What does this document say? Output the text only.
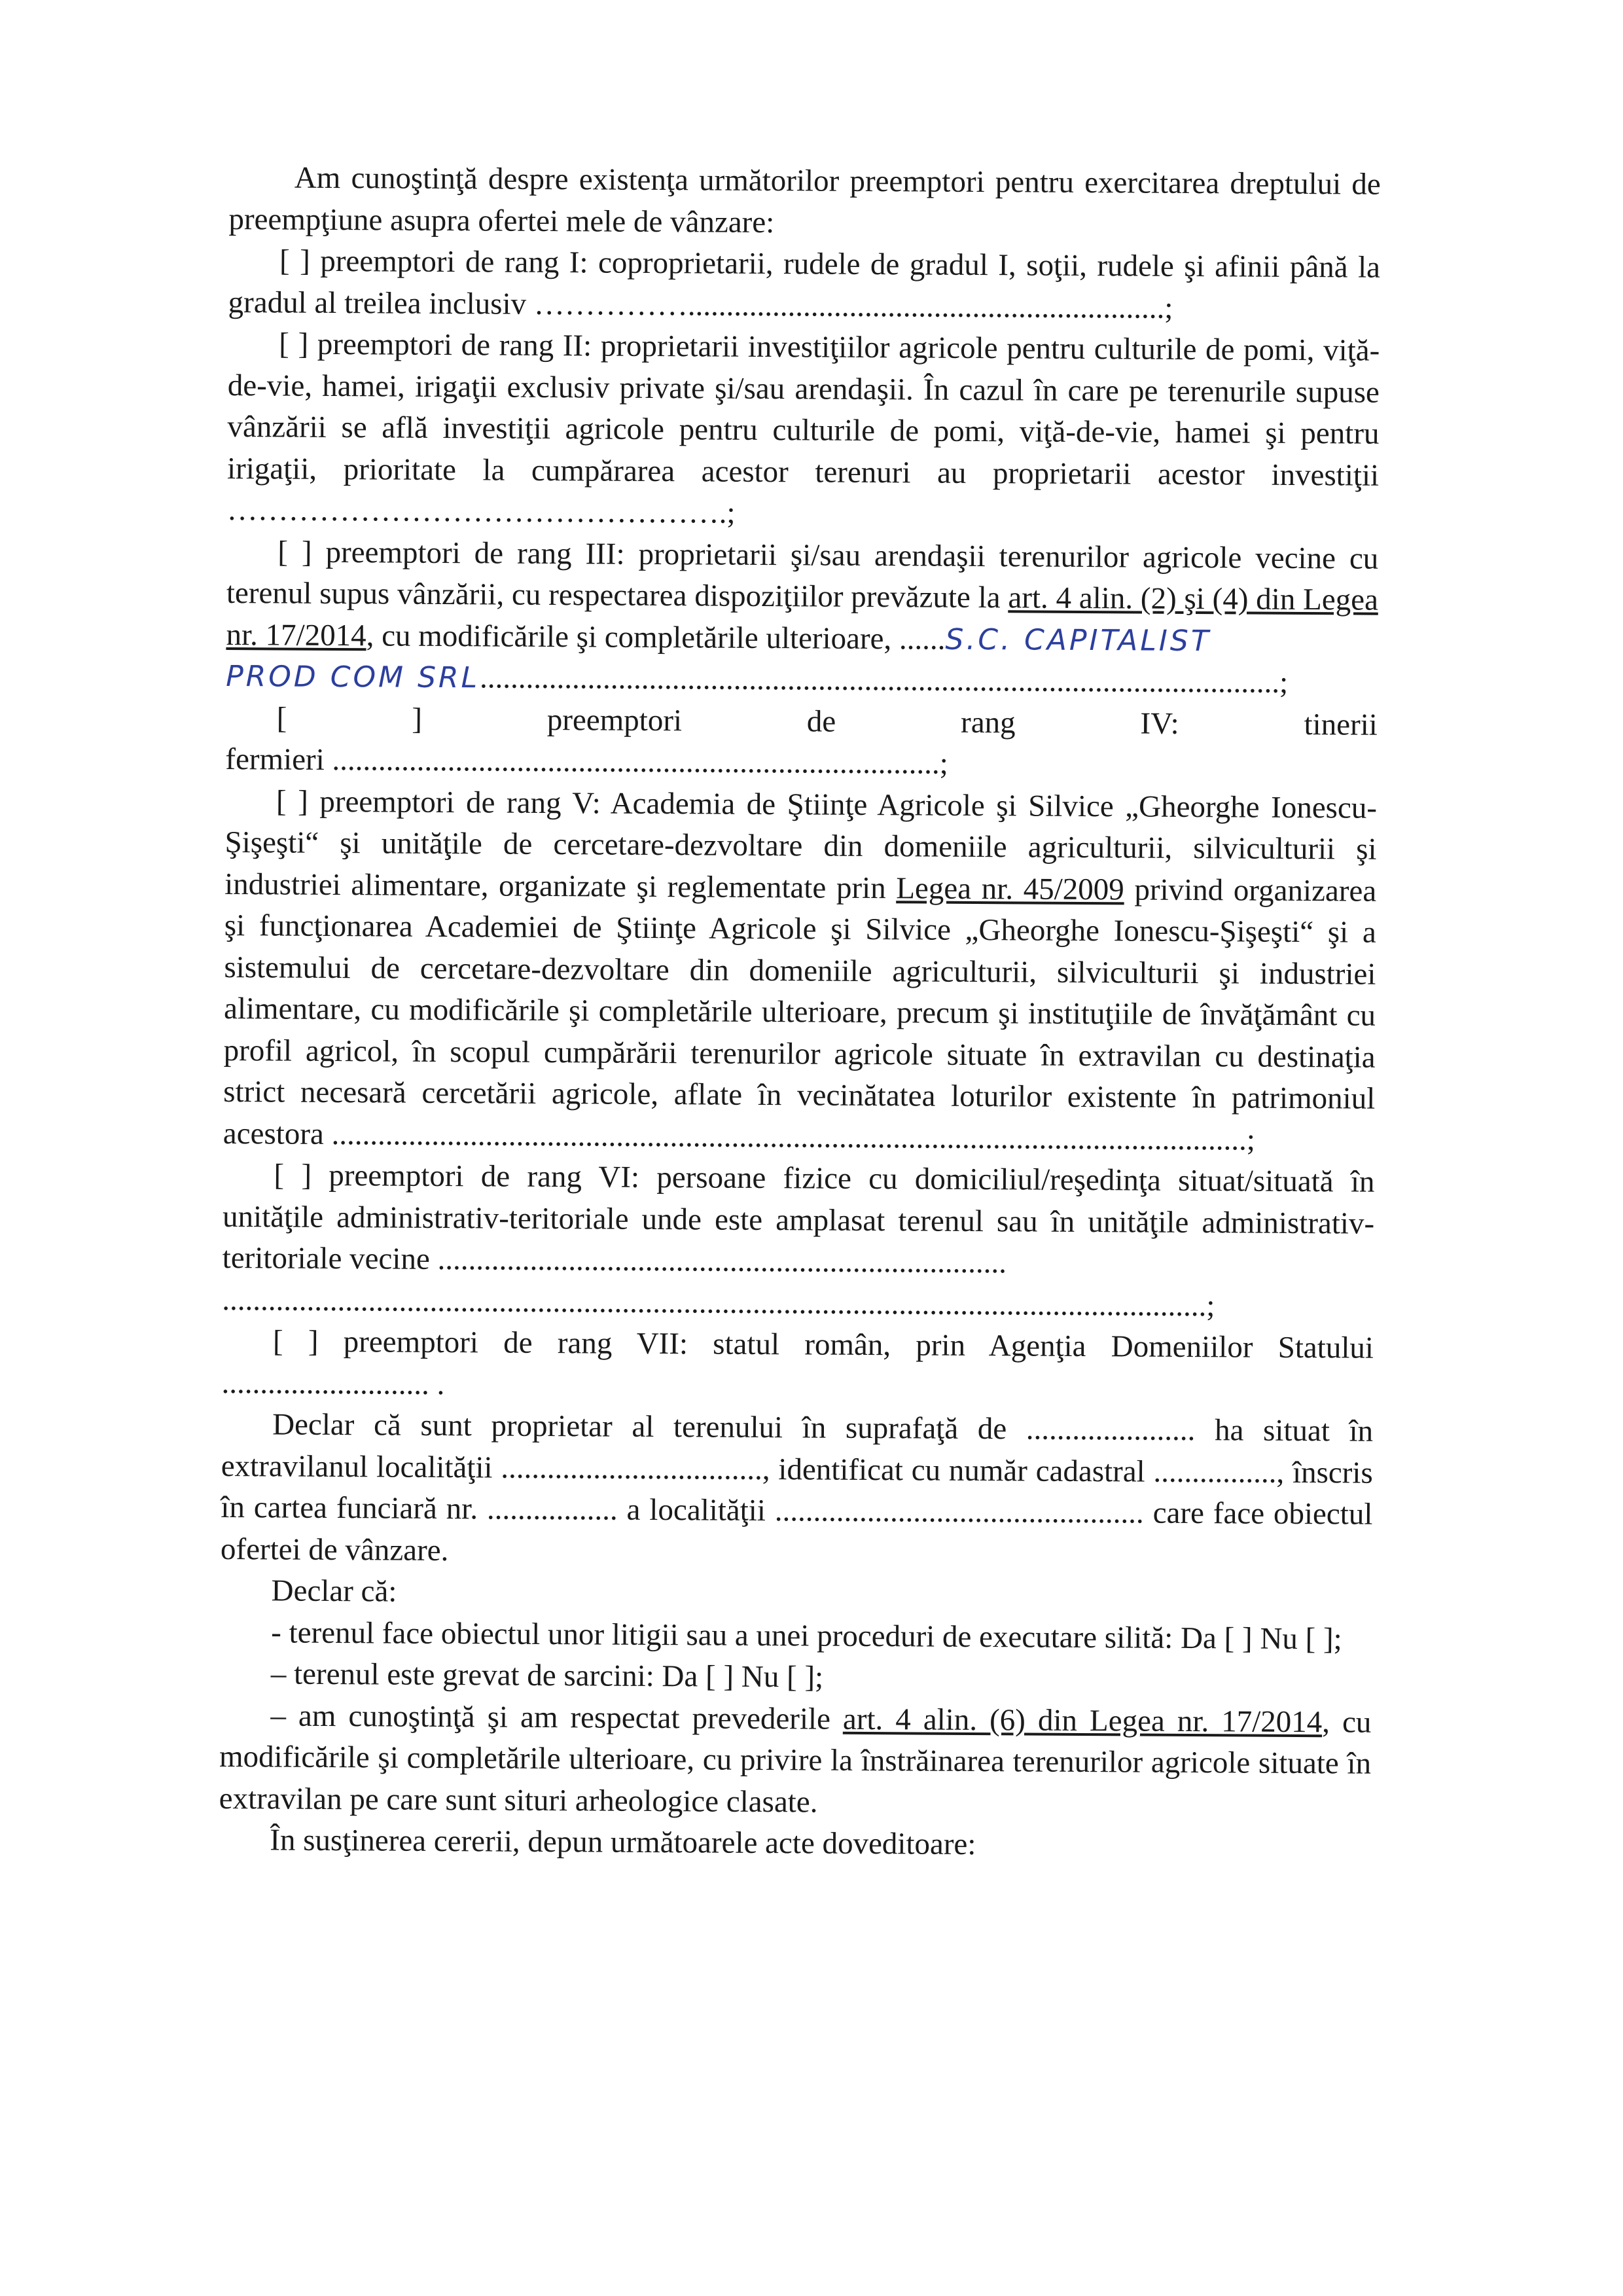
Am cunoştinţă despre existenţa următorilor preemptori pentru exercitarea dreptului de preempţiune asupra ofertei mele de vânzare:

[ ] preemptori de rang I: coproprietarii, rudele de gradul I, soţii, rudele şi afinii până la gradul al treilea inclusiv ……………..............................................................;

[ ] preemptori de rang II: proprietarii investiţiilor agricole pentru culturile de pomi, viţă-de-vie, hamei, irigaţii exclusiv private şi/sau arendaşii. În cazul în care pe terenurile supuse vânzării se află investiţii agricole pentru culturile de pomi, viţă-de-vie, hamei şi pentru irigaţii, prioritate la cumpărarea acestor terenuri au proprietarii acestor investiţii ………………………………………….;

[ ] preemptori de rang III: proprietarii şi/sau arendaşii terenurilor agricole vecine cu terenul supus vânzării, cu respectarea dispoziţiilor prevăzute la art. 4 alin. (2) şi (4) din Legea nr. 17/2014, cu modificările şi completările ulterioare, ......S.C. CAPITALIST
PROD COM SRL........................................................................................................;

[	]	preemptori	de	rang	IV:	tinerii

fermieri ...............................................................................;

[ ] preemptori de rang V: Academia de Ştiinţe Agricole şi Silvice „Gheorghe Ionescu-Şişeşti“ şi unităţile de cercetare-dezvoltare din domeniile agriculturii, silviculturii şi industriei alimentare, organizate şi reglementate prin Legea nr. 45/2009 privind organizarea şi funcţionarea Academiei de Ştiinţe Agricole şi Silvice „Gheorghe Ionescu-Şişeşti“ şi a sistemului de cercetare-dezvoltare din domeniile agriculturii, silviculturii şi industriei alimentare, cu modificările şi completările ulterioare, precum şi instituţiile de învăţământ cu profil agricol, în scopul cumpărării terenurilor agricole situate în extravilan cu destinaţia strict necesară cercetării agricole, aflate în vecinătatea loturilor existente în patrimoniul acestora .......................................................................................................................;

[ ] preemptori de rang VI: persoane fizice cu domiciliul/reşedinţa situat/situată în unităţile administrativ-teritoriale unde este amplasat terenul sau în unităţile administrativ-teritoriale vecine ..........................................................................

................................................................................................................................;

[ ] preemptori de rang VII: statul român, prin Agenţia Domeniilor Statului ........................... .

Declar că sunt proprietar al terenului în suprafaţă de ...................... ha situat în extravilanul localităţii .................................., identificat cu număr cadastral ................, înscris în cartea funciară nr. ................. a localităţii ................................................ care face obiectul ofertei de vânzare.

Declar că:

- terenul face obiectul unor litigii sau a unei proceduri de executare silită: Da [ ] Nu [ ];

– terenul este grevat de sarcini: Da [ ] Nu [ ];

– am cunoştinţă şi am respectat prevederile art. 4 alin. (6) din Legea nr. 17/2014, cu modificările şi completările ulterioare, cu privire la înstrăinarea terenurilor agricole situate în extravilan pe care sunt situri arheologice clasate.

În susţinerea cererii, depun următoarele acte doveditoare:
